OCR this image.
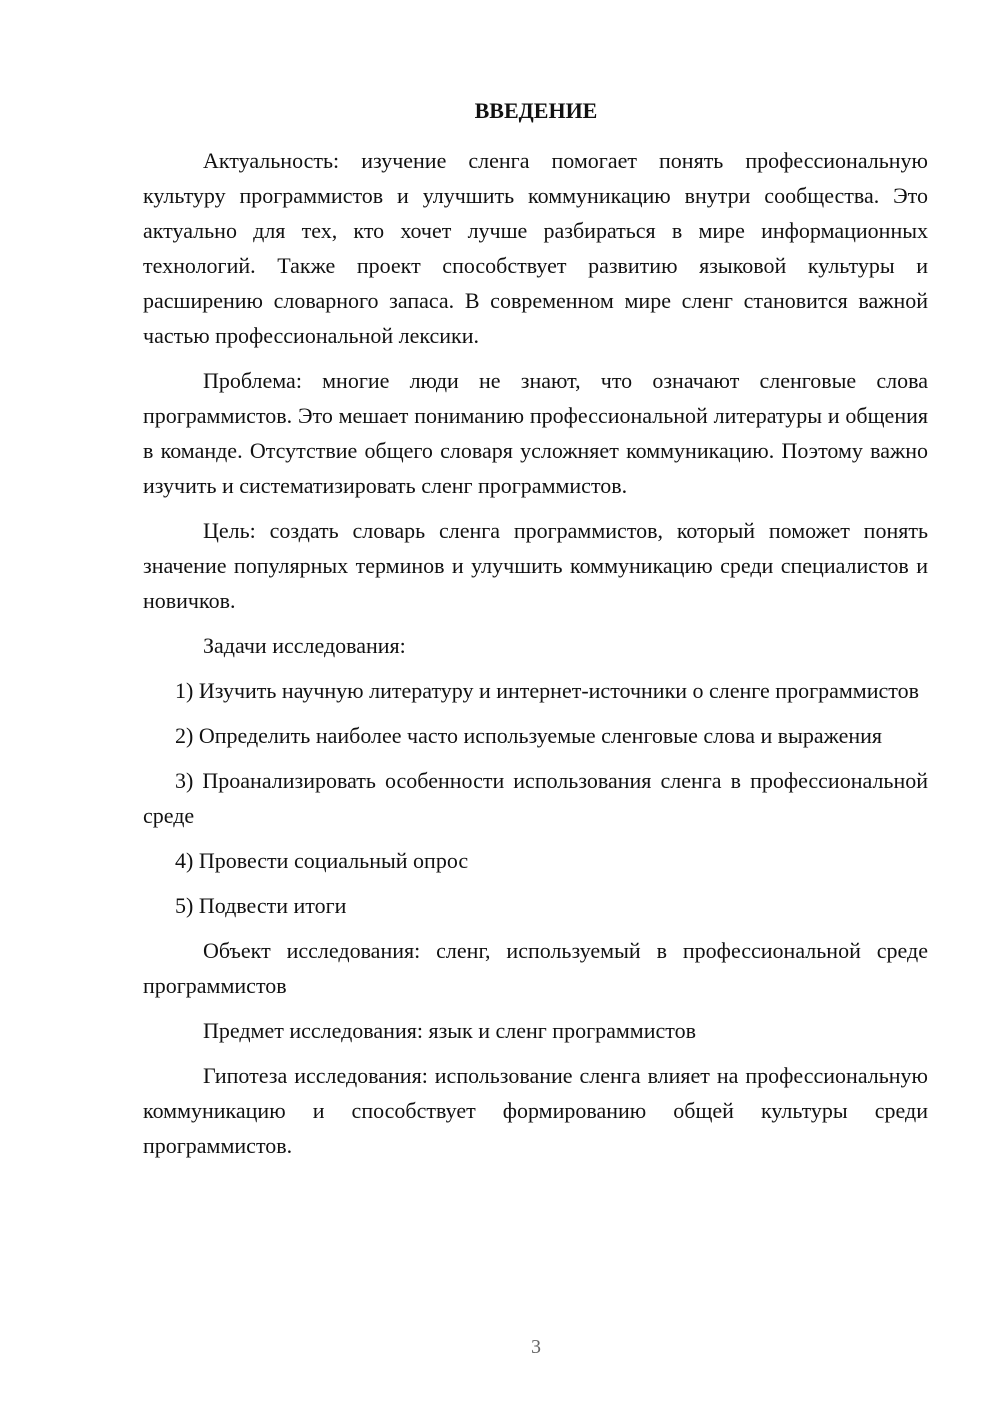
ВВЕДЕНИЕ

Актуальность: изучение сленга помогает понять профессиональную культуру программистов и улучшить коммуникацию внутри сообщества. Это актуально для тех, кто хочет лучше разбираться в мире информационных технологий. Также проект способствует развитию языковой культуры и расширению словарного запаса. В современном мире сленг становится важной частью профессиональной лексики.

Проблема: многие люди не знают, что означают сленговые слова программистов. Это мешает пониманию профессиональной литературы и общения в команде. Отсутствие общего словаря усложняет коммуникацию. Поэтому важно изучить и систематизировать сленг программистов.

Цель: создать словарь сленга программистов, который поможет понять значение популярных терминов и улучшить коммуникацию среди специалистов и новичков.

Задачи исследования:

1) Изучить научную литературу и интернет-источники о сленге программистов

2) Определить наиболее часто используемые сленговые слова и выражения

3) Проанализировать особенности использования сленга в профессиональной среде

4) Провести социальный опрос

5) Подвести итоги

Объект исследования: сленг, используемый в профессиональной среде программистов

Предмет исследования: язык и сленг программистов

Гипотеза исследования: использование сленга влияет на профессиональную коммуникацию и способствует формированию общей культуры среди программистов.

3
